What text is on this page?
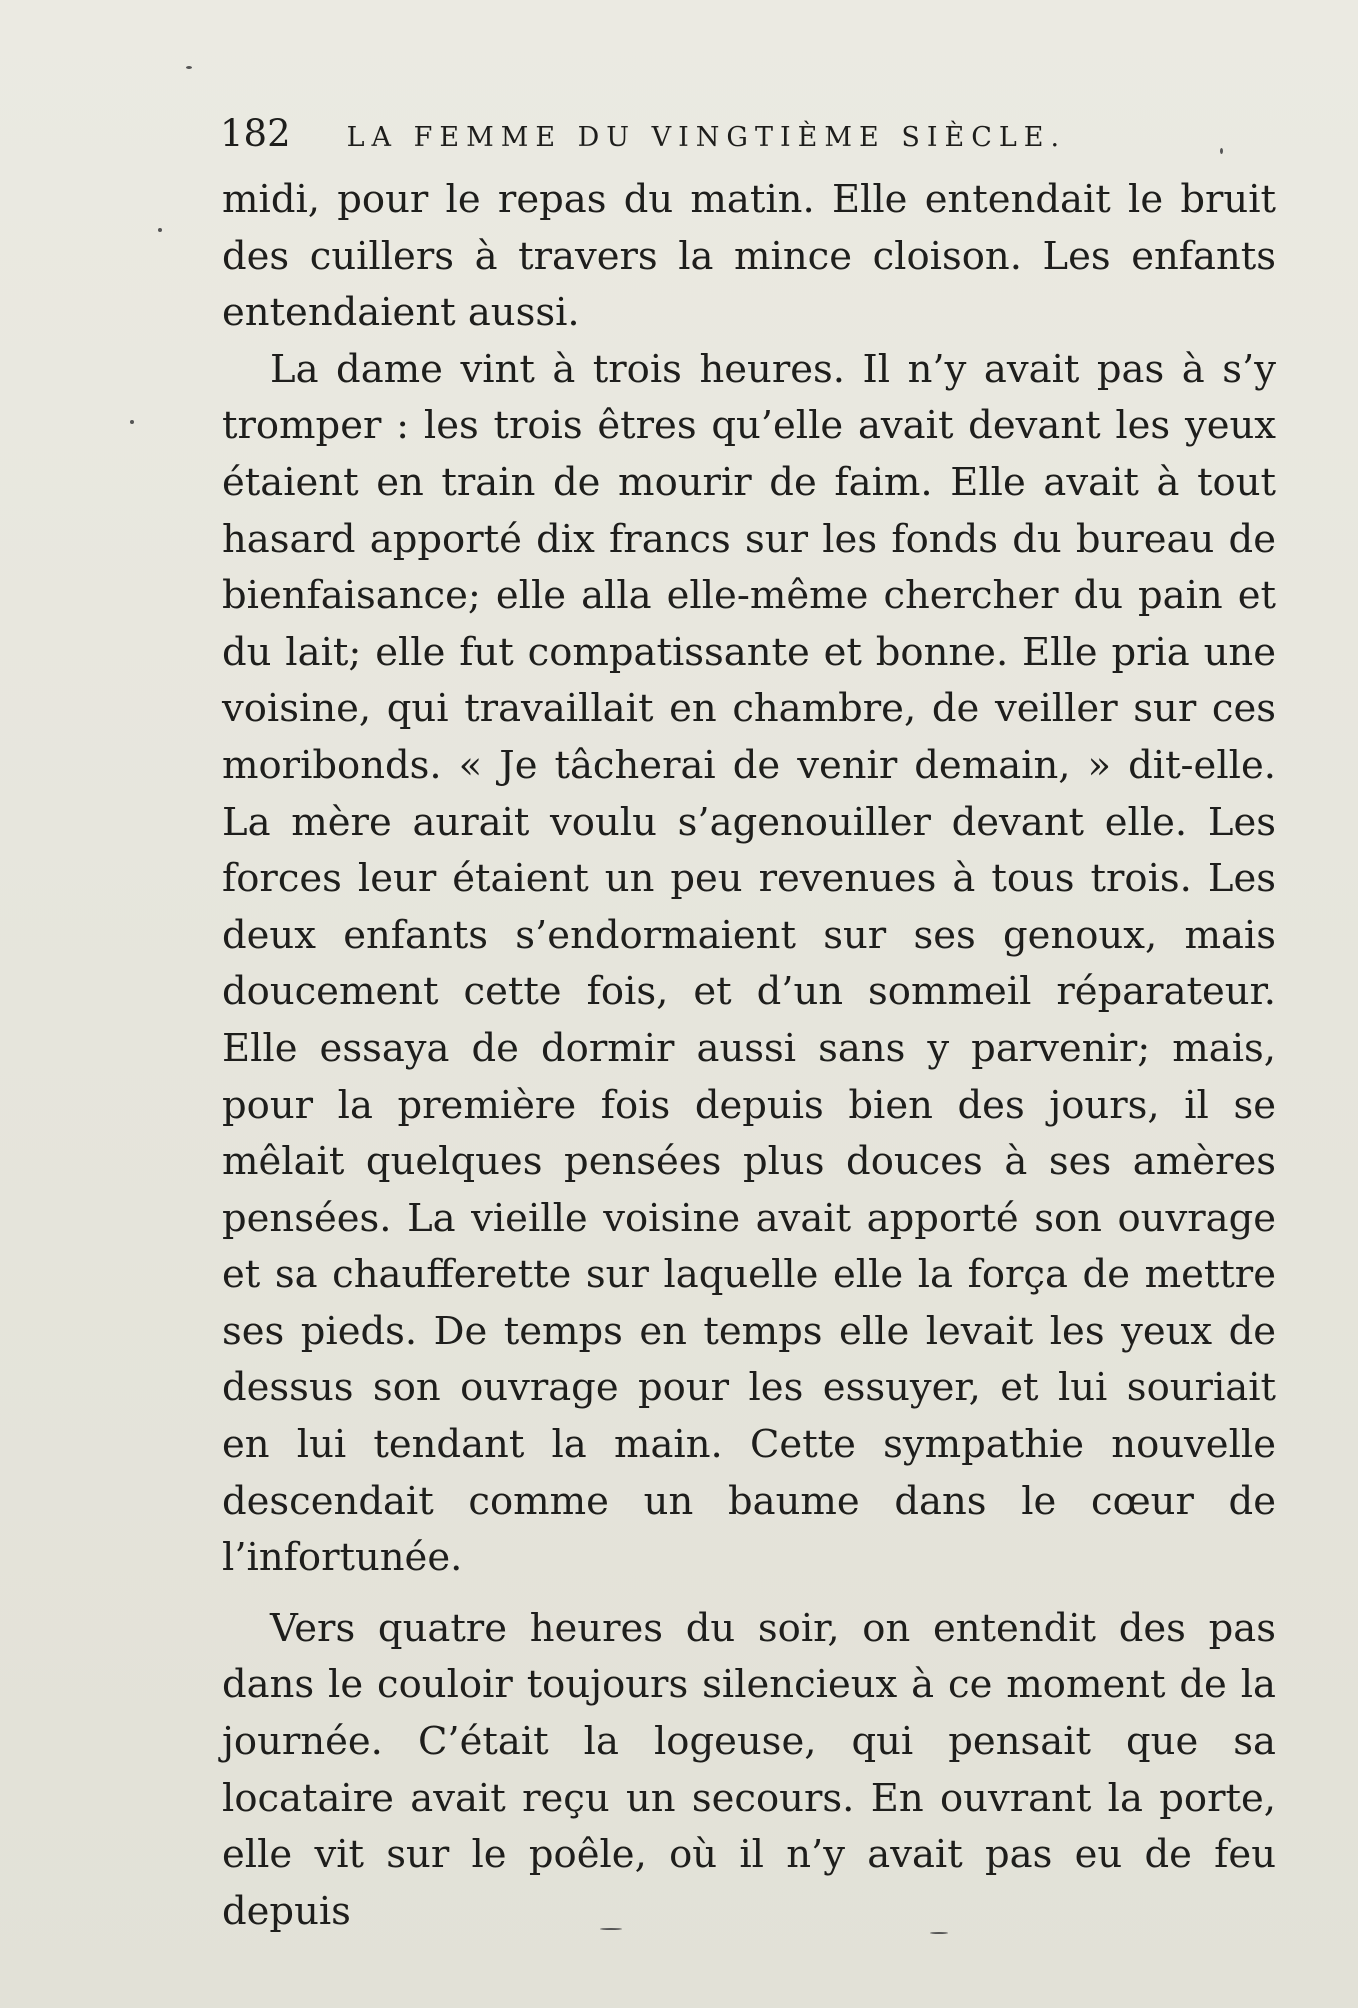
182 LA FEMME DU VINGTIÈME SIÈCLE.

midi, pour le repas du matin. Elle entendait le bruit des cuillers à travers la mince cloison. Les enfants entendaient aussi.

La dame vint à trois heures. Il n’y avait pas à s’y tromper : les trois êtres qu’elle avait devant les yeux étaient en train de mourir de faim. Elle avait à tout hasard apporté dix francs sur les fonds du bureau de bienfaisance; elle alla elle-même chercher du pain et du lait; elle fut compatissante et bonne. Elle pria une voisine, qui travaillait en chambre, de veiller sur ces moribonds. « Je tâcherai de venir demain, » dit-elle. La mère aurait voulu s’agenouiller devant elle. Les forces leur étaient un peu revenues à tous trois. Les deux enfants s’endormaient sur ses genoux, mais doucement cette fois, et d’un sommeil réparateur. Elle essaya de dormir aussi sans y parvenir; mais, pour la première fois depuis bien des jours, il se mêlait quelques pensées plus douces à ses amères pensées. La vieille voisine avait apporté son ouvrage et sa chaufferette sur laquelle elle la força de mettre ses pieds. De temps en temps elle levait les yeux de dessus son ouvrage pour les essuyer, et lui souriait en lui tendant la main. Cette sympathie nouvelle descendait comme un baume dans le cœur de l’infortunée.

Vers quatre heures du soir, on entendit des pas dans le couloir toujours silencieux à ce moment de la journée. C’était la logeuse, qui pensait que sa locataire avait reçu un secours. En ouvrant la porte, elle vit sur le poêle, où il n’y avait pas eu de feu depuis
